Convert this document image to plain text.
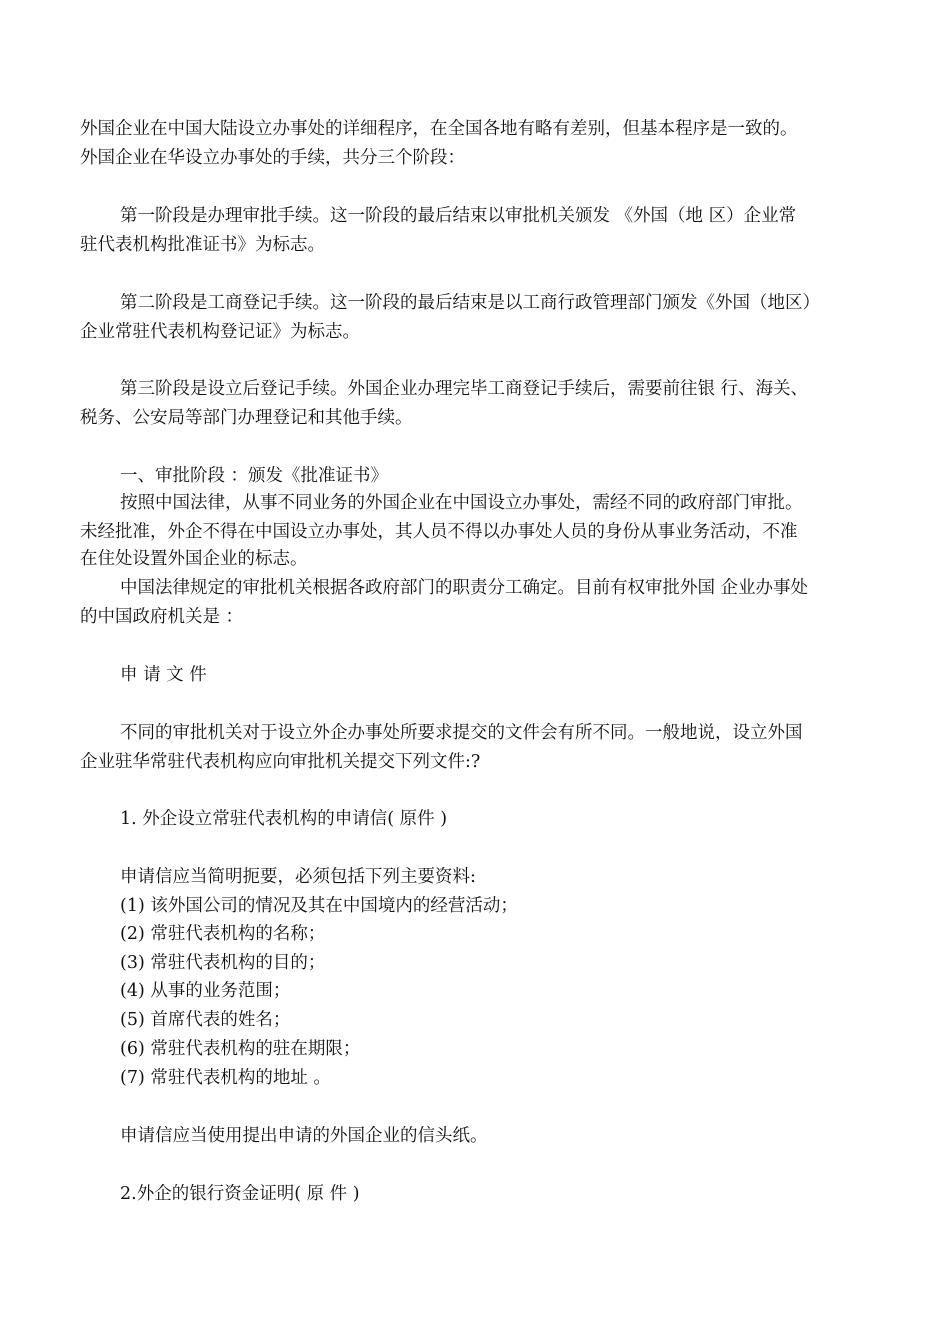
外国企业在中国大陆设立办事处的详细程序，在全国各地有略有差别，但基本程序是一致的。

外国企业在华设立办事处的手续，共分三个阶段：

第一阶段是办理审批手续。这一阶段的最后结束以审批机关颁发 《外国（地 区）企业常

驻代表机构批准证书》为标志。

第二阶段是工商登记手续。这一阶段的最后结束是以工商行政管理部门颁发《外国（地区）

企业常驻代表机构登记证》为标志。

第三阶段是设立后登记手续。外国企业办理完毕工商登记手续后，需要前往银 行、海关、

税务、公安局等部门办理登记和其他手续。

一、审批阶段 ：颁发《批准证书》

按照中国法律，从事不同业务的外国企业在中国设立办事处，需经不同的政府部门审批。

未经批准，外企不得在中国设立办事处，其人员不得以办事处人员的身份从事业务活动，不准

在住处设置外国企业的标志。

中国法律规定的审批机关根据各政府部门的职责分工确定。目前有权审批外国 企业办事处

的中国政府机关是 ：

申 请 文 件

不同的审批机关对于设立外企办事处所要求提交的文件会有所不同。一般地说，设立外国

企业驻华常驻代表机构应向审批机关提交下列文件:?

1. 外企设立常驻代表机构的申请信( 原件 )

申请信应当简明扼要，必须包括下列主要资料:

(1) 该外国公司的情况及其在中国境内的经营活动；

(2) 常驻代表机构的名称；

(3) 常驻代表机构的目的；

(4) 从事的业务范围；

(5) 首席代表的姓名；

(6) 常驻代表机构的驻在期限；

(7) 常驻代表机构的地址 。

申请信应当使用提出申请的外国企业的信头纸。

2.外企的银行资金证明( 原 件 )
